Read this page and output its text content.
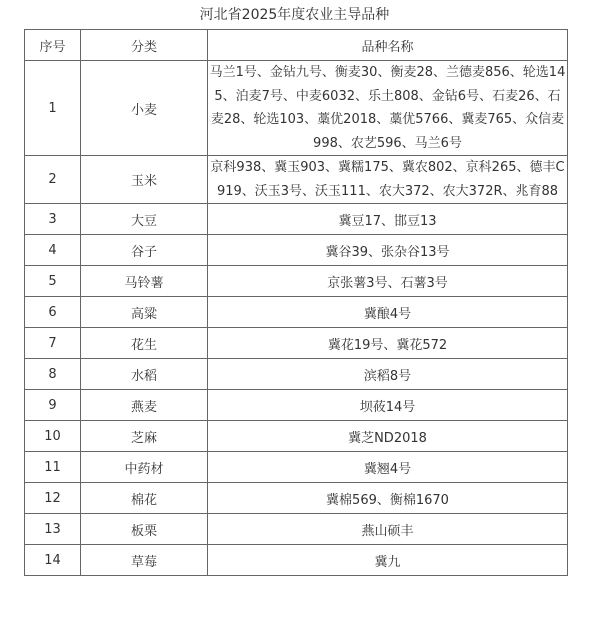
河北省2025年度农业主导品种
序号	分类	品种名称
1	小麦	马兰1号、金钻九号、衡麦30、衡麦28、兰德麦856、轮选145、泊麦7号、中麦6032、乐土808、金钻6号、石麦26、石麦28、轮选103、藁优2018、藁优5766、冀麦765、众信麦998、农艺596、马兰6号
2	玉米	京科938、冀玉903、冀糯175、冀农802、京科265、德丰C919、沃玉3号、沃玉111、农大372、农大372R、兆育88
3	大豆	冀豆17、邯豆13
4	谷子	冀谷39、张杂谷13号
5	马铃薯	京张薯3号、石薯3号
6	高粱	冀酿4号
7	花生	冀花19号、冀花572
8	水稻	滨稻8号
9	燕麦	坝莜14号
10	芝麻	冀芝ND2018
11	中药材	冀翘4号
12	棉花	冀棉569、衡棉1670
13	板栗	燕山硕丰
14	草莓	冀九
